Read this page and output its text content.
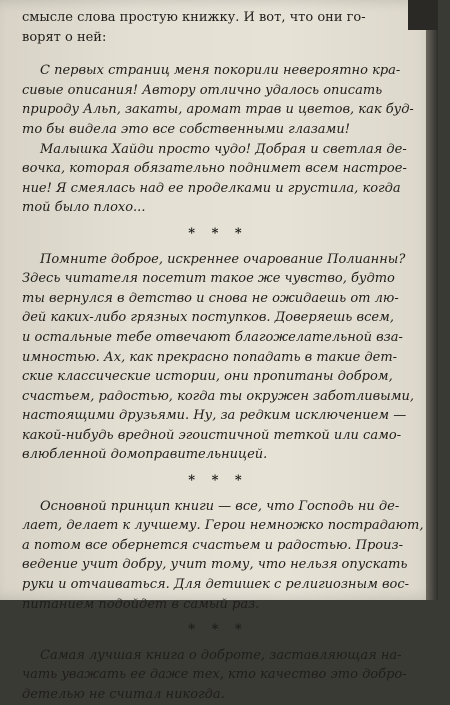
смысле слова простую книжку. И вот, что они го-
ворят о ней:
С первых страниц меня покорили невероятно кра-
сивые описания! Автору отлично удалось описать
природу Альп, закаты, аромат трав и цветов, как буд-
то бы видела это все собственными глазами!
Малышка Хайди просто чудо! Добрая и светлая де-
вочка, которая обязательно поднимет всем настрое-
ние! Я смеялась над ее проделками и грустила, когда
той было плохо...
* * *
Помните доброе, искреннее очарование Полианны?
Здесь читателя посетит такое же чувство, будто
ты вернулся в детство и снова не ожидаешь от лю-
дей каких-либо грязных поступков. Доверяешь всем,
и остальные тебе отвечают благожелательной вза-
имностью. Ах, как прекрасно попадать в такие дет-
ские классические истории, они пропитаны добром,
счастьем, радостью, когда ты окружен заботливыми,
настоящими друзьями. Ну, за редким исключением —
какой-нибудь вредной эгоистичной теткой или само-
влюбленной домоправительницей.
* * *
Основной принцип книги — все, что Господь ни де-
лает, делает к лучшему. Герои немножко пострадают,
а потом все обернется счастьем и радостью. Произ-
ведение учит добру, учит тому, что нельзя опускать
руки и отчаиваться. Для детишек с религиозным вос-
питанием подойдет в самый раз.
* * *
Самая лучшая книга о доброте, заставляющая на-
чать уважать ее даже тех, кто качество это добро-
детелью не считал никогда.
